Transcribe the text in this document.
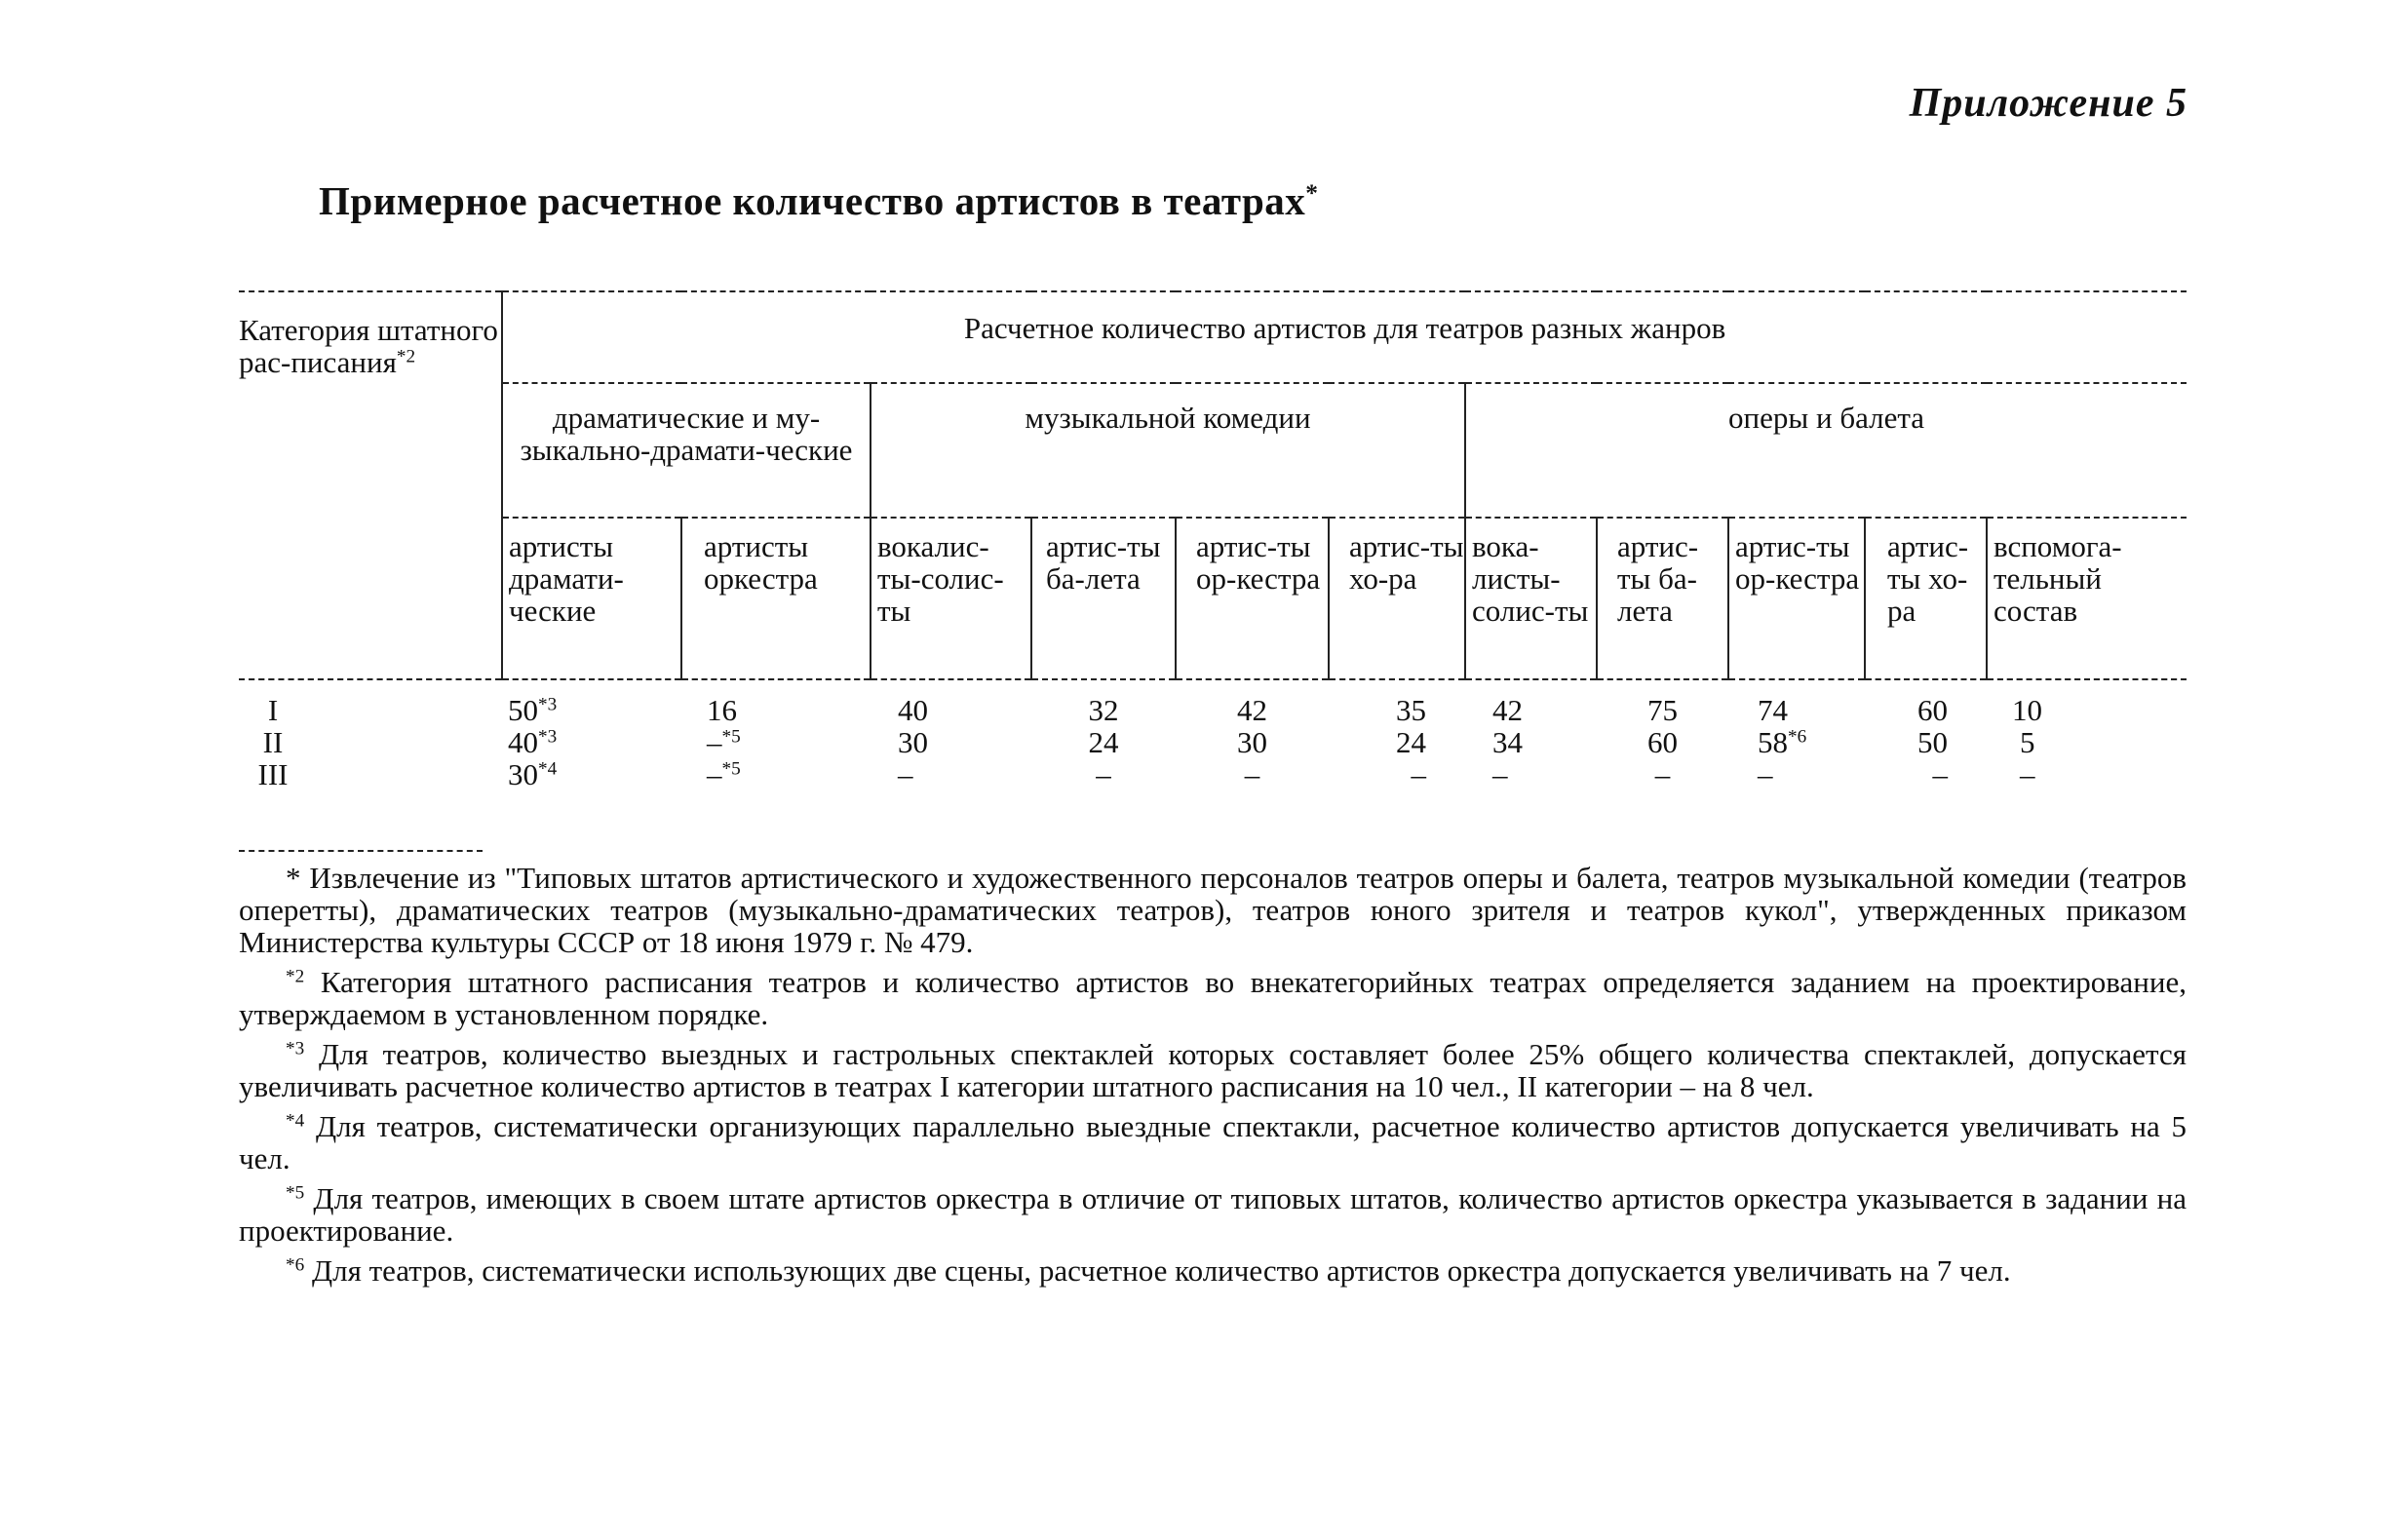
Приложение 5
Примерное расчетное количество артистов в театрах*
Категория штатного рас-писания$^{*2}$	Расчетное количество артистов для театров разных жанров										
	драматические и му-зыкально-драмати-ческие		музыкальной комедии				оперы и балета				
	артисты драмати-ческие	артисты оркестра	вокалис-ты-солис-ты	артис-ты ба-лета	артис-ты ор-кестра	артис-ты хо-ра	вока-листы-солис-ты	артис-ты ба-лета	артис-ты ор-кестра	артис-ты хо-ра	вспомога-тельный состав
I	50$^{*3}$	16	40	32	42	35	42	75	74	60	10
II	40$^{*3}$	–$^{*5}$	30	24	30	24	34	60	58$^{*6}$	50	5
III	30$^{*4}$	–$^{*5}$	–	–	–	–	–	–	–	–	–

* Извлечение из "Типовых штатов артистического и художественного персоналов театров оперы и балета, театров музыкальной комедии (театров оперетты), драматических театров (музыкально-драматических театров), театров юного зрителя и театров кукол", утвержденных приказом Министерства культуры СССР от 18 июня 1979 г. № 479.

$^{*2}$ Категория штатного расписания театров и количество артистов во внекатегорийных театрах определяется заданием на проектирование, утверждаемом в установленном порядке.

$^{*3}$ Для театров, количество выездных и гастрольных спектаклей которых составляет более 25% общего количества спектаклей, допускается увеличивать расчетное количество артистов в театрах I категории штатного расписания на 10 чел., II категории – на 8 чел.

$^{*4}$ Для театров, систематически организующих параллельно выездные спектакли, расчетное количество артистов допускается увеличивать на 5 чел.

$^{*5}$ Для театров, имеющих в своем штате артистов оркестра в отличие от типовых штатов, количество артистов оркестра указывается в задании на проектирование.

$^{*6}$ Для театров, систематически использующих две сцены, расчетное количество артистов оркестра допускается увеличивать на 7 чел.
